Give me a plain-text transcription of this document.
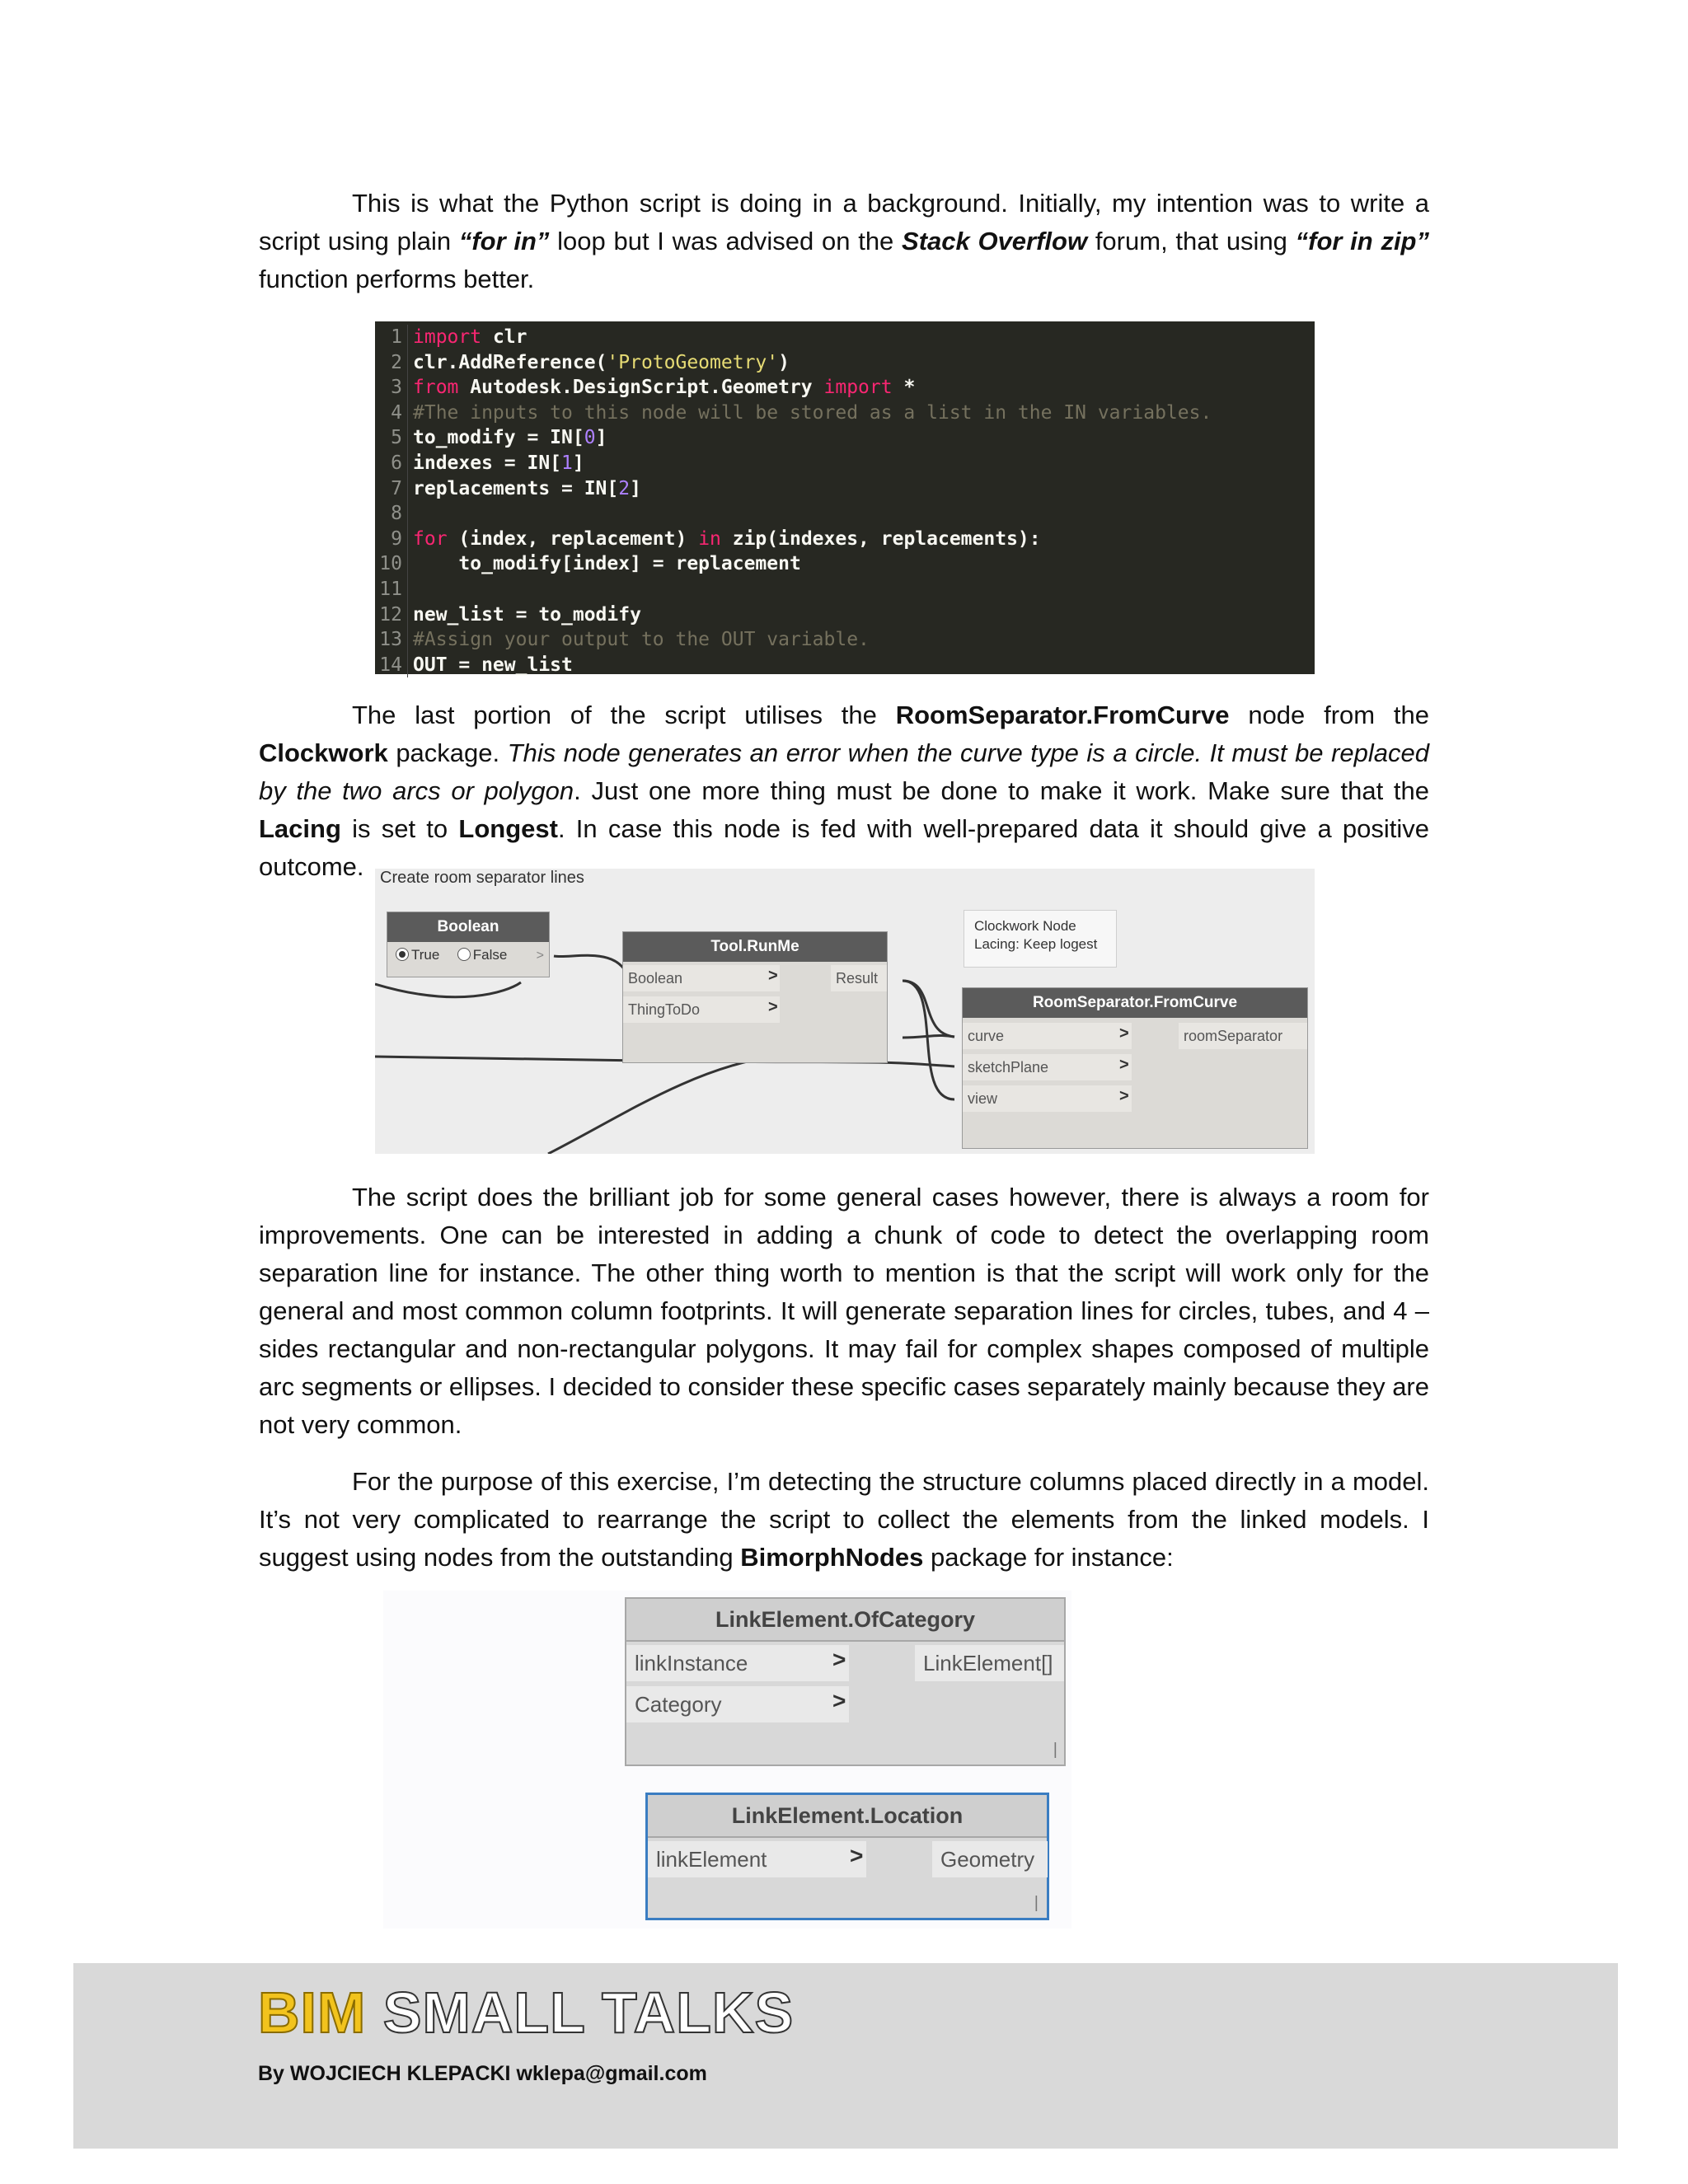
This is what the Python script is doing in a background. Initially, my intention was to write a script using plain “for in” loop but I was advised on the Stack Overflow forum, that using “for in zip” function performs better.

1 import clr
2 clr.AddReference('ProtoGeometry')
3 from Autodesk.DesignScript.Geometry import *
4 #The inputs to this node will be stored as a list in the IN variables.
5 to_modify = IN[0]
6 indexes = IN[1]
7 replacements = IN[2]
8
9 for (index, replacement) in zip(indexes, replacements):
10 to_modify[index] = replacement
11
12 new_list = to_modify
13 #Assign your output to the OUT variable.
14 OUT = new_list

The last portion of the script utilises the RoomSeparator.FromCurve node from the Clockwork package. This node generates an error when the curve type is a circle. It must be replaced by the two arcs or polygon. Just one more thing must be done to make it work. Make sure that the Lacing is set to Longest. In case this node is fed with well-prepared data it should give a positive outcome. Create room separator lines
Boolean
True False >
Tool.RunMe
Boolean	>
ThingToDo	>
Result
Clockwork Node
Lacing: Keep logest
RoomSeparator.FromCurve
curve	>
sketchPlane	>
view	>
roomSeparator

The script does the brilliant job for some general cases however, there is always a room for improvements. One can be interested in adding a chunk of code to detect the overlapping room separation line for instance. The other thing worth to mention is that the script will work only for the general and most common column footprints. It will generate separation lines for circles, tubes, and 4 – sides rectangular and non-rectangular polygons. It may fail for complex shapes composed of multiple arc segments or ellipses. I decided to consider these specific cases separately mainly because they are not very common.

For the purpose of this exercise, I’m detecting the structure columns placed directly in a model. It’s not very complicated to rearrange the script to collect the elements from the linked models. I suggest using nodes from the outstanding BimorphNodes package for instance:

LinkElement.OfCategory
linkInstance	>
Category	>
LinkElement[]
|
LinkElement.Location
linkElement	>	Geometry
|
BIM SMALL TALKS
By WOJCIECH KLEPACKI wklepa@gmail.com
